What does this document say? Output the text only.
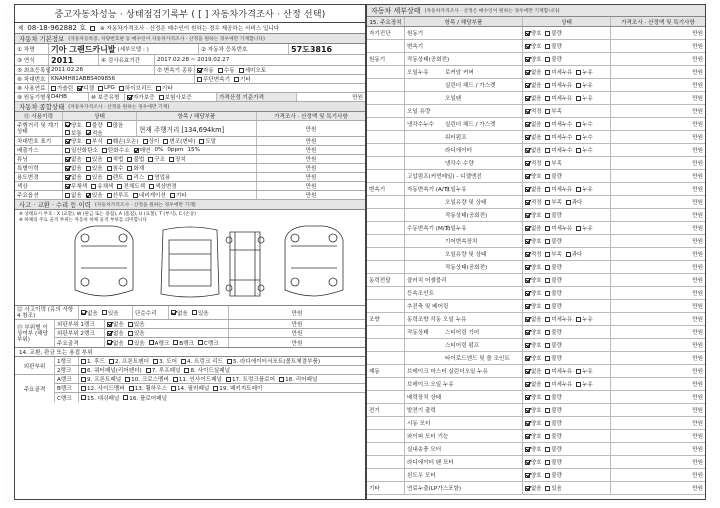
중고자동차성능 · 상태점검기록부 ( [ ] 자동차가격조사 · 산정 선택)
제 08-18-962882 호	※ 자동차가격조사 · 산정은 매수인이 원하는 경우 제공하는 서비스 입니다
자동차 기본정보 (자동차등록증, 차량번호판 등 매수인이 자동차가격조사 · 산정을 원하는 경우에만 기재합니다)
① 차명	기아 그랜드카니발
(세부모델 : )	② 자동차 등록번호	57도3816
③ 연식	2011	④ 검사유효기간	2017.02.28 ~ 2019.02.27
⑤ 최초등록일 2011.02.26	⑦ 변속기 종류	자동 수동 세미오토
⑥ 차대번호 KNAMH81ABBS409856	무단변속기 기타
⑧ 사용연료	가솔린 디젤 LPG 하이브리드 기타
⑨ 원동기형식 D4HB	⑩ 보증유형	자가보증 보험사보증	가격산정 기준가격	만원
자동차 종합상태 (자동차가격조사 · 산정을 원하는 경우에만 기재)
⑪ 사용이력	상태	항목 / 해당부품	가격조사 · 산정액 및 특기사항
주행거리 및 계기상태
양호 불량 많음
보통 적음	현재 주행거리 [134,694km]	만원
차대번호 표기	양호 부식 훼손(오손) 상이 변조(변타) 도말	만원
배출가스	일산화탄소 탄화수소 매연 0% 0ppm 15%	만원
튜닝	없음 있음 적법 불법 구조 장치	만원
특별이력	없음 있음 침수 화재	만원
용도변경	없음 있음 렌트 리스 영업용	만원
색상	무채색 유채색 전체도색 색상변경	만원
주요옵션	없음 있음 선루프 네비게이션 기타	만원
사고 · 교환 · 수리 등 이력 (자동차가격조사 · 산정을 원하는 경우에만 기재)
※ 상태표시 부호 : X (교환), W (판금 또는 용접), A (흠집), U (요철), T (부식), C (손상)
※ 하체의 주요 골격 부위는 자동차 하체 골격 부위를 의미합니다
⑫ 사고이력 (유의 사항 4 참조)	없음 있음	단순수리	없음 있음	만원
⑬ 부위별 이상여부 (해당부위)
외판부위 1랭크	없음 있음	만원
외판부위 2랭크	없음 있음	만원
주요골격	없음 있음 A랭크 B랭크 C랭크	만원
14. 교환, 판금 또는 용접 부위
외판부위
주요골격
1랭크	1. 후드 2. 프론트펜더 3. 도어 4. 트렁크 리드 5. 라디에이터서포트(볼트체결부품)
2랭크	6. 쿼터패널(리어펜더) 7. 루프패널 8. 사이드실패널
A랭크	9. 프론트패널 10. 크로스멤버 11. 인사이드패널 17. 트렁크플로어 18. 리어패널
B랭크	12. 사이드멤버 13. 휠하우스 14. 필러패널 19. 패키지트레이
C랭크	15. 대쉬패널 16. 플로어패널
자동차 세부상태 (자동차가격조사 · 산정은 매수인이 원하는 경우에만 기재합니다)
15. 주요장치	항목 / 해당부품	상태	가격조사 · 산정액 및 특기사항
자기진단	원동기	양호 불량	만원
변속기	양호 불량	만원
원동기	작동상태(공회전)	양호 불량	만원
오일누유	로커암 커버	없음 미세누유 누유	만원
실린더 헤드 / 가스켓	없음 미세누유 누유	만원
오일팬	없음 미세누유 누유	만원
오일 유량	적정 부족	만원
냉각수누수	실린더 헤드 / 가스켓	없음 미세누수 누수	만원
워터펌프	없음 미세누수 누수	만원
라디에이터	없음 미세누수 누수	만원
냉각수 수량	적정 부족	만원
고압펌프(커먼레일) - 디젤엔진	양호 불량	만원
변속기	자동변속기 (A/T)
오일누유	없음 미세누유 누유	만원
오일유량 및 상태	적정 부족 과다	만원
작동상태(공회전)	양호 불량	만원
수동변속기 (M/T)
오일누유	없음 미세누유 누유	만원
기어변속장치	양호 불량	만원
오일유량 및 상태	적정 부족 과다	만원
작동상태(공회전)	양호 불량	만원
동력전달	클러치 어셈블리	양호 불량	만원
등속조인트	양호 불량	만원
추진축 및 베어링	양호 불량	만원
조향	동력조향 작동 오일 누유	없음 미세누유 누유	만원
작동상태	스티어링 기어	양호 불량	만원
스티어링 펌프	양호 불량	만원
타이로드엔드 및 볼 조인트	양호 불량	만원
제동	브레이크 마스터 실린더오일 누유	없음 미세누유 누유	만원
브레이크 오일 누유	없음 미세누유 누유	만원
배력장치 상태	양호 불량	만원
전기	발전기 출력	양호 불량	만원
시동 모터	양호 불량	만원
와이퍼 모터 기능	양호 불량	만원
실내송풍 모터	양호 불량	만원
라디에이터 팬 모터	양호 불량	만원
윈도우 모터	양호 불량	만원
기타	연료누출(LP가스포함)	없음 있음	만원
